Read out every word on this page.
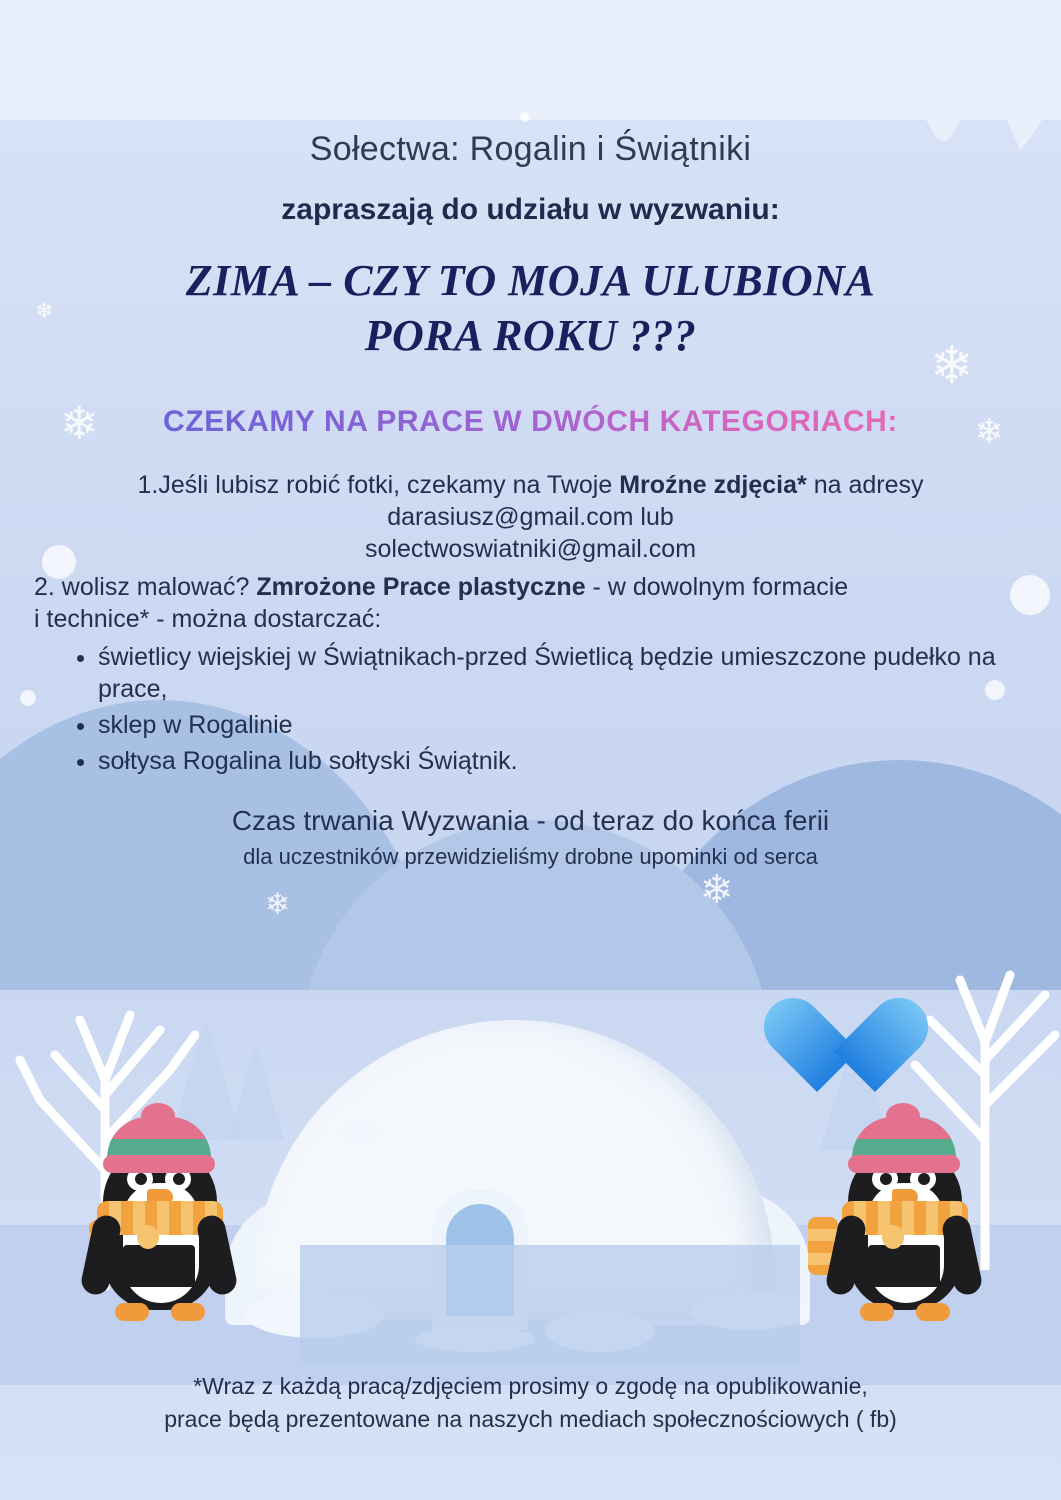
❄
❄
❄
❄
Sołectwa: Rogalin i Świątniki
zapraszają do udziału w wyzwaniu:
ZIMA – CZY TO MOJA ULUBIONA
PORA ROKU ???
CZEKAMY NA PRACE W DWÓCH KATEGORIACH:
1.Jeśli lubisz robić fotki, czekamy na Twoje Mroźne zdjęcia* na adresy
darasiusz@gmail.com lub
solectwoswiatniki@gmail.com
2. wolisz malować? Zmrożone Prace plastyczne - w dowolnym formacie
i technice* - można dostarczać:
• świetlicy wiejskiej w Świątnikach-przed Świetlicą będzie umieszczone pudełko na prace,
• sklep w Rogalinie
• sołtysa Rogalina lub sołtyski Świątnik.
Czas trwania Wyzwania - od teraz do końca ferii
dla uczestników przewidzieliśmy drobne upominki od serca
*Wraz z każdą pracą/zdjęciem prosimy o zgodę na opublikowanie,
prace będą prezentowane na naszych mediach społecznościowych ( fb)
